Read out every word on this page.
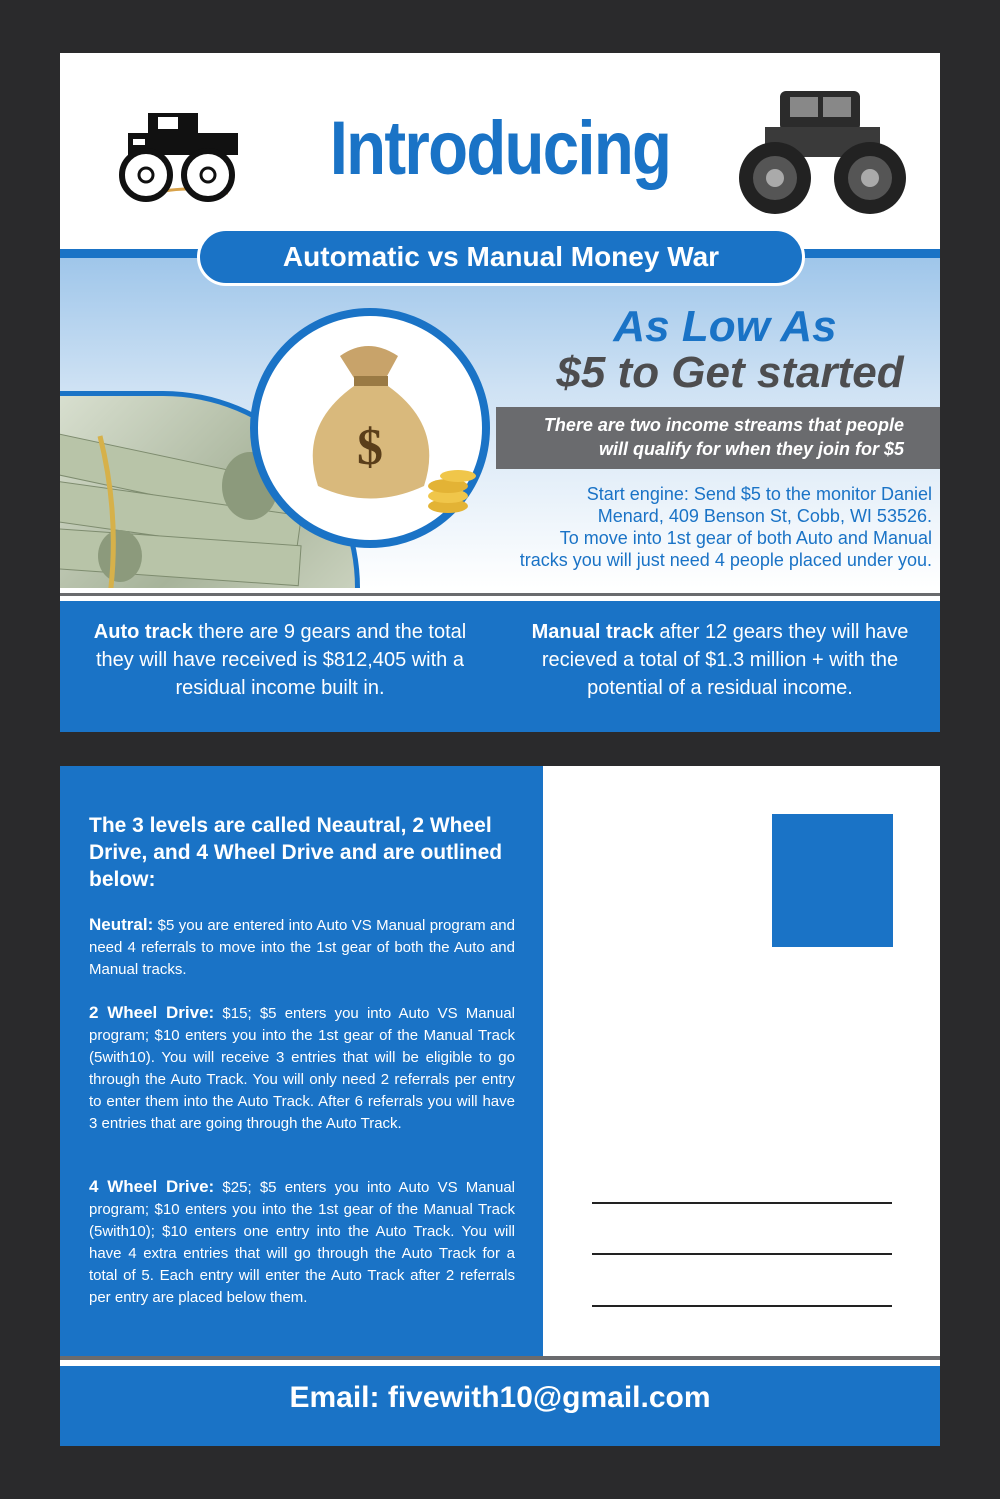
Introducing
Automatic vs Manual Money War
$
As Low As
$5 to Get started
There are two income streams that people
will qualify for when they join for $5
Start engine: Send $5 to the monitor Daniel
Menard, 409 Benson St, Cobb, WI 53526.
To move into 1st gear of both Auto and Manual
tracks you will just need 4 people placed under you.
Auto track there are 9 gears and the total they will have received is $812,405 with a residual income built in.
Manual track after 12 gears they will have recieved a total of $1.3 million + with the potential of a residual income.
The 3 levels are called Neautral, 2 Wheel Drive, and 4 Wheel Drive and are outlined below:
Neutral: $5 you are entered into Auto VS Manual program and need 4 referrals to move into the 1st gear of both the Auto and Manual tracks.
2 Wheel Drive: $15; $5 enters you into Auto VS Manual program; $10 enters you into the 1st gear of the Manual Track (5with10). You will receive 3 entries that will be eligible to go through the Auto Track. You will only need 2 referrals per entry to enter them into the Auto Track. After 6 referrals you will have 3 entries that are going through the Auto Track.
4 Wheel Drive: $25; $5 enters you into Auto VS Manual program; $10 enters you into the 1st gear of the Manual Track (5with10); $10 enters one entry into the Auto Track. You will have 4 extra entries that will go through the Auto Track for a total of 5. Each entry will enter the Auto Track after 2 referrals per entry are placed below them.
Email: fivewith10@gmail.com
